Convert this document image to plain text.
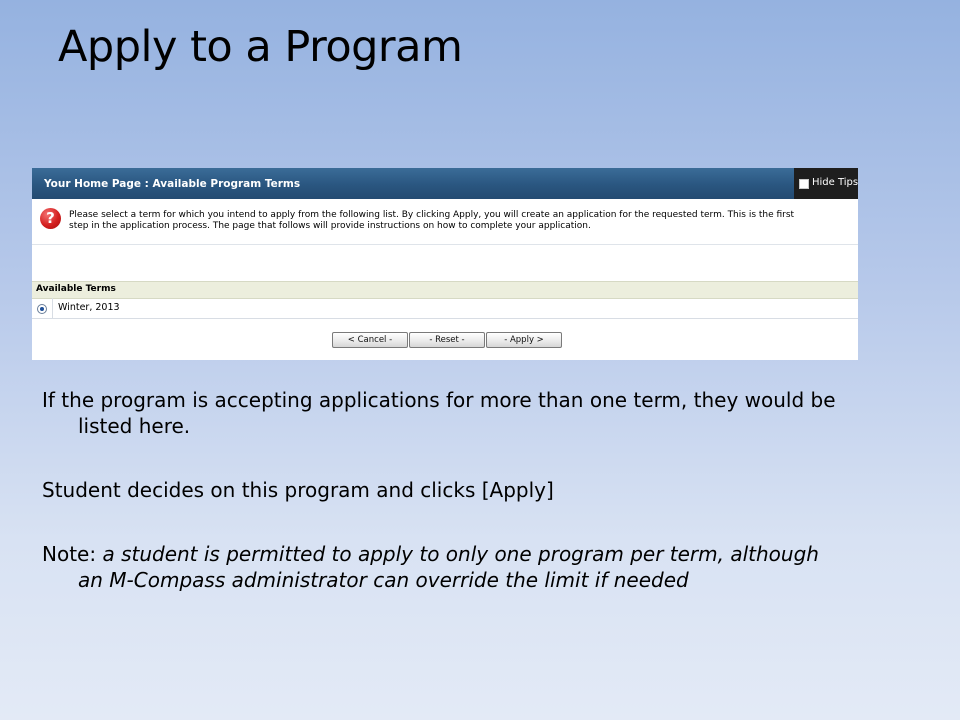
Apply to a Program
Your Home Page : Available Program Terms	Hide Tips
?	Please select a term for which you intend to apply from the following list. By clicking Apply, you will create an application for the requested term. This is the first
step in the application process. The page that follows will provide instructions on how to complete your application.
Available Terms
Winter, 2013
< Cancel -	- Reset -	- Apply >
If the program is accepting applications for more than one term, they would be
listed here.
Student decides on this program and clicks [Apply]
Note: a student is permitted to apply to only one program per term, although
an M-Compass administrator can override the limit if needed
